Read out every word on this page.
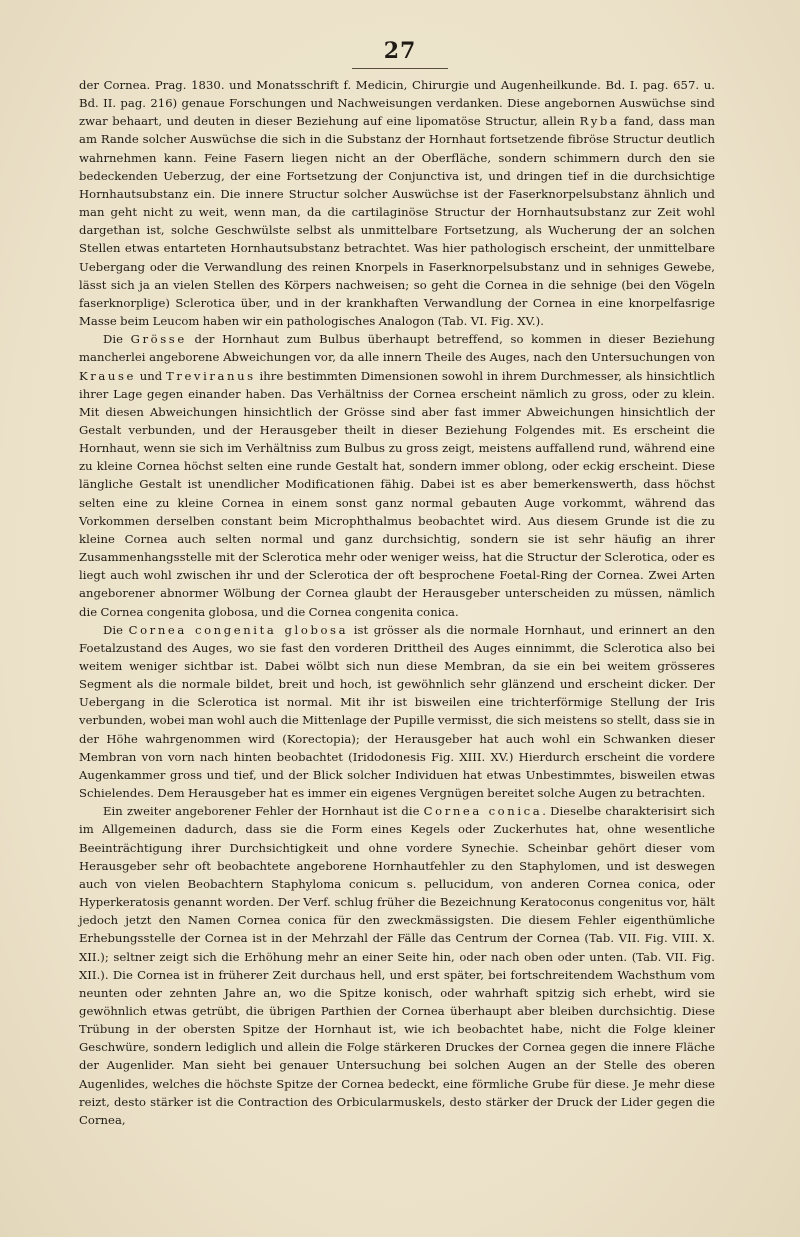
27

der Cornea. Prag. 1830. und Monatsschrift f. Medicin, Chirurgie und Augenheilkunde. Bd. I. pag. 657. u. Bd. II. pag. 216) genaue Forschungen und Nachweisungen verdanken. Diese angebornen Auswüchse sind zwar behaart, und deuten in dieser Beziehung auf eine lipomatöse Structur, allein Ryba fand, dass man am Rande solcher Auswüchse die sich in die Substanz der Hornhaut fortsetzende fibröse Structur deutlich wahrnehmen kann. Feine Fasern liegen nicht an der Oberfläche, sondern schimmern durch den sie bedeckenden Ueberzug, der eine Fortsetzung der Conjunctiva ist, und dringen tief in die durchsichtige Hornhautsubstanz ein. Die innere Structur solcher Auswüchse ist der Faserknorpelsubstanz ähnlich und man geht nicht zu weit, wenn man, da die cartilaginöse Structur der Hornhautsubstanz zur Zeit wohl dargethan ist, solche Geschwülste selbst als unmittelbare Fortsetzung, als Wucherung der an solchen Stellen etwas entarteten Hornhautsubstanz betrachtet. Was hier pathologisch erscheint, der unmittelbare Uebergang oder die Verwandlung des reinen Knorpels in Faserknorpelsubstanz und in sehniges Gewebe, lässt sich ja an vielen Stellen des Körpers nachweisen; so geht die Cornea in die sehnige (bei den Vögeln faserknorplige) Sclerotica über, und in der krankhaften Verwandlung der Cornea in eine knorpelfasrige Masse beim Leucom haben wir ein pathologisches Analogon (Tab. VI. Fig. XV.).

Die Grösse der Hornhaut zum Bulbus überhaupt betreffend, so kommen in dieser Beziehung mancherlei angeborene Abweichungen vor, da alle innern Theile des Auges, nach den Untersuchungen von Krause und Treviranus ihre bestimmten Dimensionen sowohl in ihrem Durchmesser, als hinsichtlich ihrer Lage gegen einander haben. Das Verhältniss der Cornea erscheint nämlich zu gross, oder zu klein. Mit diesen Abweichungen hinsichtlich der Grösse sind aber fast immer Abweichungen hinsichtlich der Gestalt verbunden, und der Herausgeber theilt in dieser Beziehung Folgendes mit. Es erscheint die Hornhaut, wenn sie sich im Verhältniss zum Bulbus zu gross zeigt, meistens auffallend rund, während eine zu kleine Cornea höchst selten eine runde Gestalt hat, sondern immer oblong, oder eckig erscheint. Diese längliche Gestalt ist unendlicher Modificationen fähig. Dabei ist es aber bemerkenswerth, dass höchst selten eine zu kleine Cornea in einem sonst ganz normal gebauten Auge vorkommt, während das Vorkommen derselben constant beim Microphthalmus beobachtet wird. Aus diesem Grunde ist die zu kleine Cornea auch selten normal und ganz durchsichtig, sondern sie ist sehr häufig an ihrer Zusammenhangsstelle mit der Sclerotica mehr oder weniger weiss, hat die Structur der Sclerotica, oder es liegt auch wohl zwischen ihr und der Sclerotica der oft besprochene Foetal-Ring der Cornea. Zwei Arten angeborener abnormer Wölbung der Cornea glaubt der Herausgeber unterscheiden zu müssen, nämlich die Cornea congenita globosa, und die Cornea congenita conica.

Die Cornea congenita globosa ist grösser als die normale Hornhaut, und erinnert an den Foetalzustand des Auges, wo sie fast den vorderen Drittheil des Auges einnimmt, die Sclerotica also bei weitem weniger sichtbar ist. Dabei wölbt sich nun diese Membran, da sie ein bei weitem grösseres Segment als die normale bildet, breit und hoch, ist gewöhnlich sehr glänzend und erscheint dicker. Der Uebergang in die Sclerotica ist normal. Mit ihr ist bisweilen eine trichterförmige Stellung der Iris verbunden, wobei man wohl auch die Mittenlage der Pupille vermisst, die sich meistens so stellt, dass sie in der Höhe wahrgenommen wird (Korectopia); der Herausgeber hat auch wohl ein Schwanken dieser Membran von vorn nach hinten beobachtet (Iridodonesis Fig. XIII. XV.) Hierdurch erscheint die vordere Augenkammer gross und tief, und der Blick solcher Individuen hat etwas Unbestimmtes, bisweilen etwas Schielendes. Dem Herausgeber hat es immer ein eigenes Vergnügen bereitet solche Augen zu betrachten.

Ein zweiter angeborener Fehler der Hornhaut ist die Cornea conica. Dieselbe charakterisirt sich im Allgemeinen dadurch, dass sie die Form eines Kegels oder Zuckerhutes hat, ohne wesentliche Beeinträchtigung ihrer Durchsichtigkeit und ohne vordere Synechie. Scheinbar gehört dieser vom Herausgeber sehr oft beobachtete angeborene Hornhautfehler zu den Staphylomen, und ist deswegen auch von vielen Beobachtern Staphyloma conicum s. pellucidum, von anderen Cornea conica, oder Hyperkeratosis genannt worden. Der Verf. schlug früher die Bezeichnung Keratoconus congenitus vor, hält jedoch jetzt den Namen Cornea conica für den zweckmässigsten. Die diesem Fehler eigenthümliche Erhebungsstelle der Cornea ist in der Mehrzahl der Fälle das Centrum der Cornea (Tab. VII. Fig. VIII. X. XII.); seltner zeigt sich die Erhöhung mehr an einer Seite hin, oder nach oben oder unten. (Tab. VII. Fig. XII.). Die Cornea ist in früherer Zeit durchaus hell, und erst später, bei fortschreitendem Wachsthum vom neunten oder zehnten Jahre an, wo die Spitze konisch, oder wahrhaft spitzig sich erhebt, wird sie gewöhnlich etwas getrübt, die übrigen Parthien der Cornea überhaupt aber bleiben durchsichtig. Diese Trübung in der obersten Spitze der Hornhaut ist, wie ich beobachtet habe, nicht die Folge kleiner Geschwüre, sondern lediglich und allein die Folge stärkeren Druckes der Cornea gegen die innere Fläche der Augenlider. Man sieht bei genauer Untersuchung bei solchen Augen an der Stelle des oberen Augenlides, welches die höchste Spitze der Cornea bedeckt, eine förmliche Grube für diese. Je mehr diese reizt, desto stärker ist die Contraction des Orbicularmuskels, desto stärker der Druck der Lider gegen die Cornea,
